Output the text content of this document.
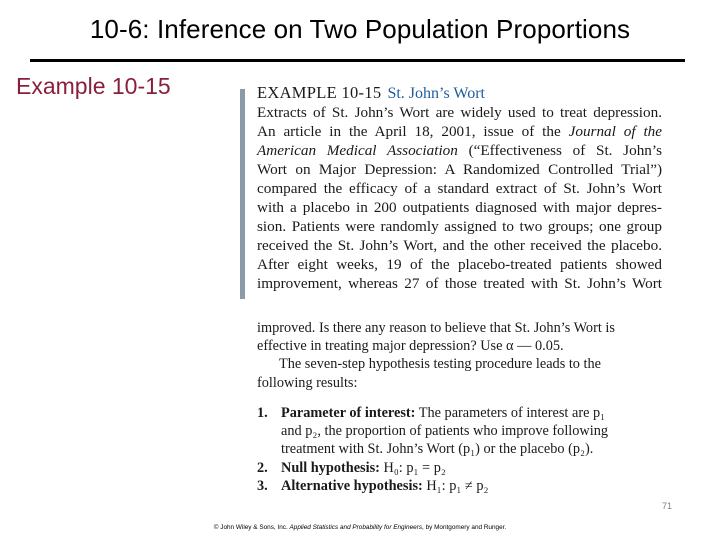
10-6: Inference on Two Population Proportions
Example 10-15	EXAMPLE 10-15 St. John’s Wort
Extracts of St. John’s Wort are widely used to treat depression.
An article in the April 18, 2001, issue of the Journal of the
American Medical Association (“Effectiveness of St. John’s
Wort on Major Depression: A Randomized Controlled Trial”)
compared the efficacy of a standard extract of St. John’s Wort
with a placebo in 200 outpatients diagnosed with major depres-
sion. Patients were randomly assigned to two groups; one group
received the St. John’s Wort, and the other received the placebo.
After eight weeks, 19 of the placebo-treated patients showed
improvement, whereas 27 of those treated with St. John’s Wort
improved. Is there any reason to believe that St. John’s Wort is
effective in treating major depression? Use α — 0.05.
The seven-step hypothesis testing procedure leads to the
following results:
1. Parameter of interest: The parameters of interest are p₁
and p₂, the proportion of patients who improve following
treatment with St. John’s Wort (p₁) or the placebo (p₂).
2. Null hypothesis: H₀: p₁ = p₂
3. Alternative hypothesis: H₁: p₁ ≠ p₂
71
© John Wiley & Sons, Inc. Applied Statistics and Probability for Engineers, by Montgomery and Runger.
